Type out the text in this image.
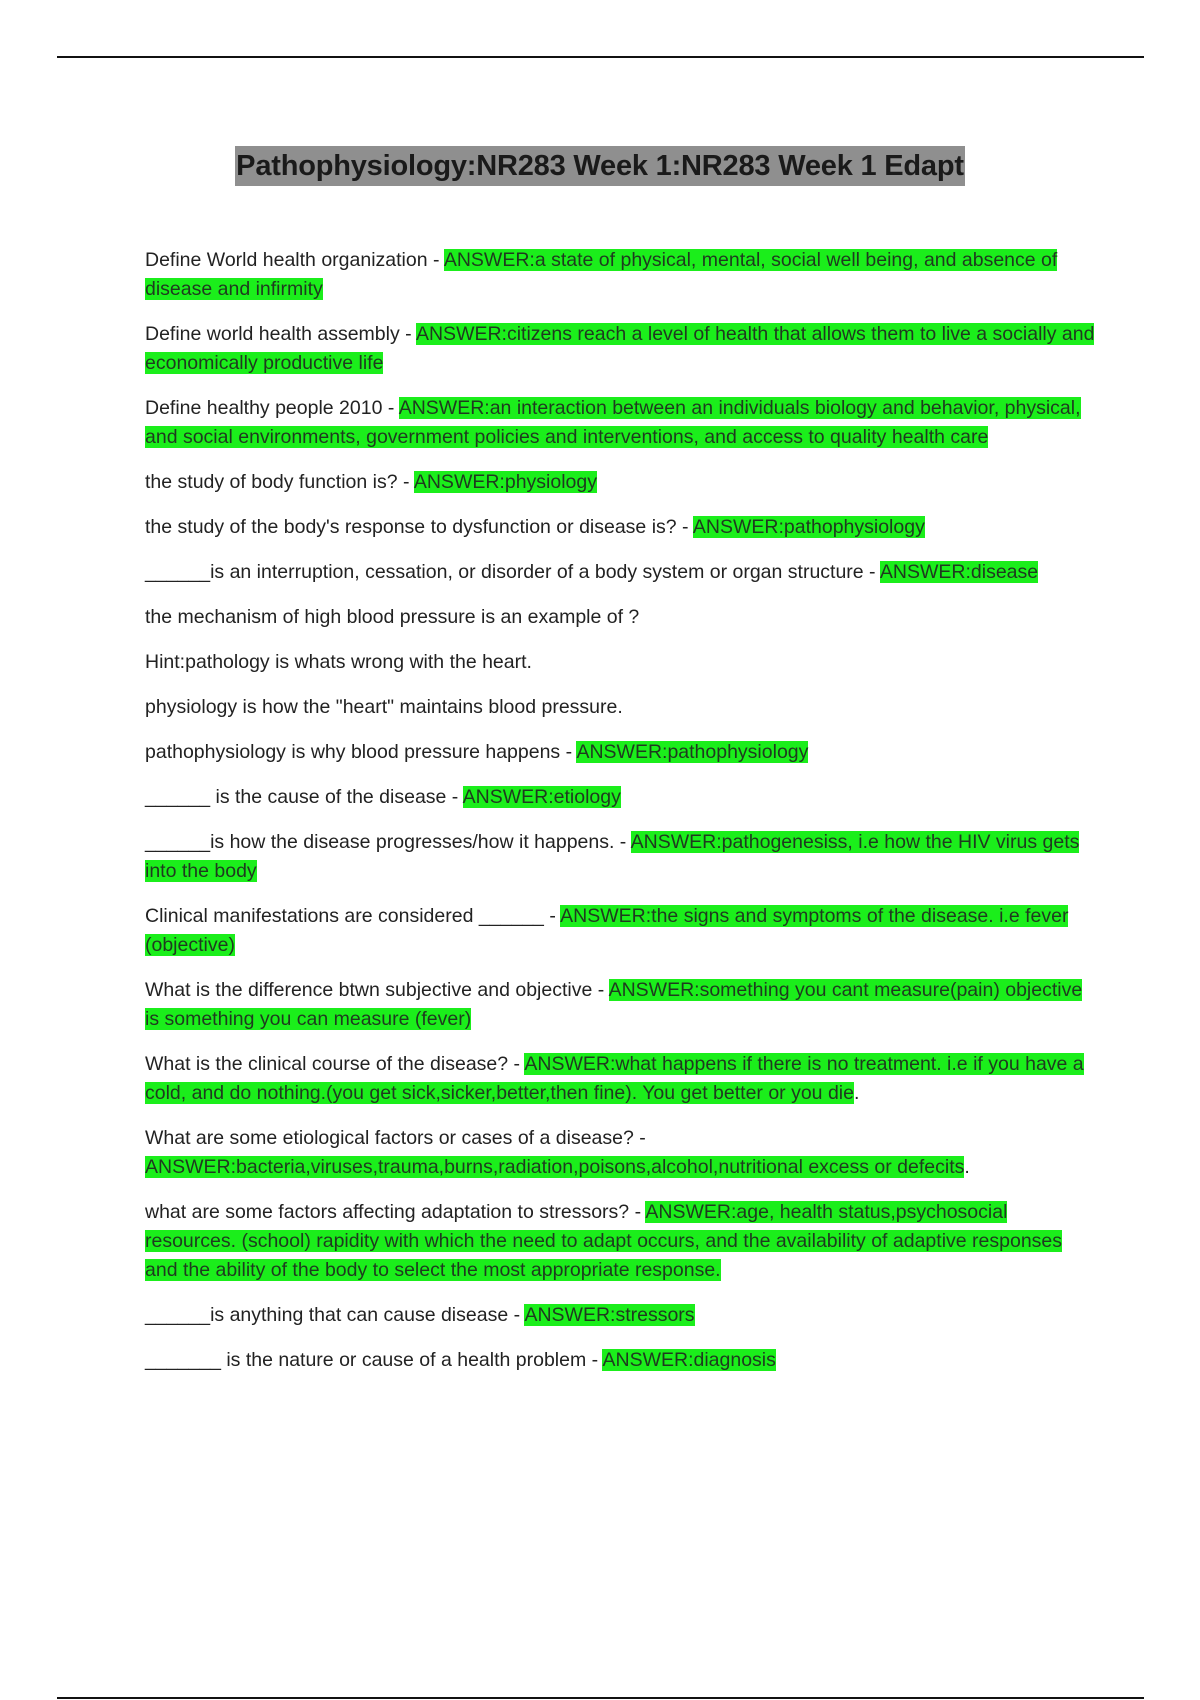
Pathophysiology:NR283 Week 1:NR283 Week 1 Edapt

Define World health organization - ANSWER:a state of physical, mental, social well being, and absence of disease and infirmity

Define world health assembly - ANSWER:citizens reach a level of health that allows them to live a socially and economically productive life

Define healthy people 2010 - ANSWER:an interaction between an individuals biology and behavior, physical, and social environments, government policies and interventions, and access to quality health care

the study of body function is? - ANSWER:physiology

the study of the body's response to dysfunction or disease is? - ANSWER:pathophysiology

______is an interruption, cessation, or disorder of a body system or organ structure - ANSWER:disease

the mechanism of high blood pressure is an example of ?

Hint:pathology is whats wrong with the heart.

physiology is how the "heart" maintains blood pressure.

pathophysiology is why blood pressure happens - ANSWER:pathophysiology

______ is the cause of the disease - ANSWER:etiology

______is how the disease progresses/how it happens. - ANSWER:pathogenesiss, i.e how the HIV virus gets into the body

Clinical manifestations are considered ______ - ANSWER:the signs and symptoms of the disease. i.e fever (objective)

What is the difference btwn subjective and objective - ANSWER:something you cant measure(pain) objective is something you can measure (fever)

What is the clinical course of the disease? - ANSWER:what happens if there is no treatment. i.e if you have a cold, and do nothing.(you get sick,sicker,better,then fine). You get better or you die.

What are some etiological factors or cases of a disease? - ANSWER:bacteria,viruses,trauma,burns,radiation,poisons,alcohol,nutritional excess or defecits.

what are some factors affecting adaptation to stressors? - ANSWER:age, health status,psychosocial resources. (school) rapidity with which the need to adapt occurs, and the availability of adaptive responses and the ability of the body to select the most appropriate response.

______is anything that can cause disease - ANSWER:stressors

_______ is the nature or cause of a health problem - ANSWER:diagnosis
